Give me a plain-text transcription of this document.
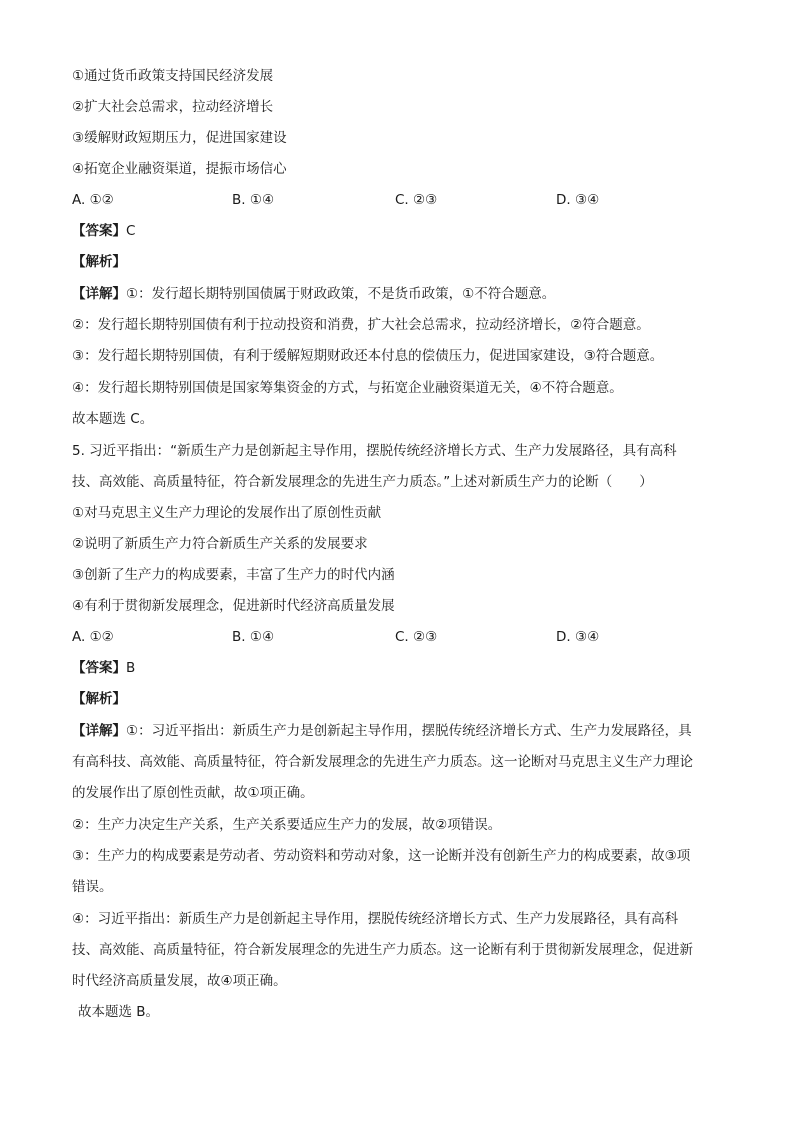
①通过货币政策支持国民经济发展
②扩大社会总需求，拉动经济增长
③缓解财政短期压力，促进国家建设
④拓宽企业融资渠道，提振市场信心
A. ①②	B. ①④	C. ②③	D. ③④
【答案】C
【解析】
【详解】①：发行超长期特别国债属于财政政策，不是货币政策，①不符合题意。
②：发行超长期特别国债有利于拉动投资和消费，扩大社会总需求，拉动经济增长，②符合题意。
③：发行超长期特别国债，有利于缓解短期财政还本付息的偿债压力，促进国家建设，③符合题意。
④：发行超长期特别国债是国家筹集资金的方式，与拓宽企业融资渠道无关，④不符合题意。
故本题选 C。
5. 习近平指出：“新质生产力是创新起主导作用，摆脱传统经济增长方式、生产力发展路径，具有高科
技、高效能、高质量特征，符合新发展理念的先进生产力质态。”上述对新质生产力的论断（　　）
①对马克思主义生产力理论的发展作出了原创性贡献
②说明了新质生产力符合新质生产关系的发展要求
③创新了生产力的构成要素，丰富了生产力的时代内涵
④有利于贯彻新发展理念，促进新时代经济高质量发展
A. ①②	B. ①④	C. ②③	D. ③④
【答案】B
【解析】
【详解】①：习近平指出：新质生产力是创新起主导作用，摆脱传统经济增长方式、生产力发展路径，具
有高科技、高效能、高质量特征，符合新发展理念的先进生产力质态。这一论断对马克思主义生产力理论
的发展作出了原创性贡献，故①项正确。
②：生产力决定生产关系，生产关系要适应生产力的发展，故②项错误。
③：生产力的构成要素是劳动者、劳动资料和劳动对象，这一论断并没有创新生产力的构成要素，故③项
错误。
④：习近平指出：新质生产力是创新起主导作用，摆脱传统经济增长方式、生产力发展路径，具有高科
技、高效能、高质量特征，符合新发展理念的先进生产力质态。这一论断有利于贯彻新发展理念，促进新
时代经济高质量发展，故④项正确。
故本题选 B。
